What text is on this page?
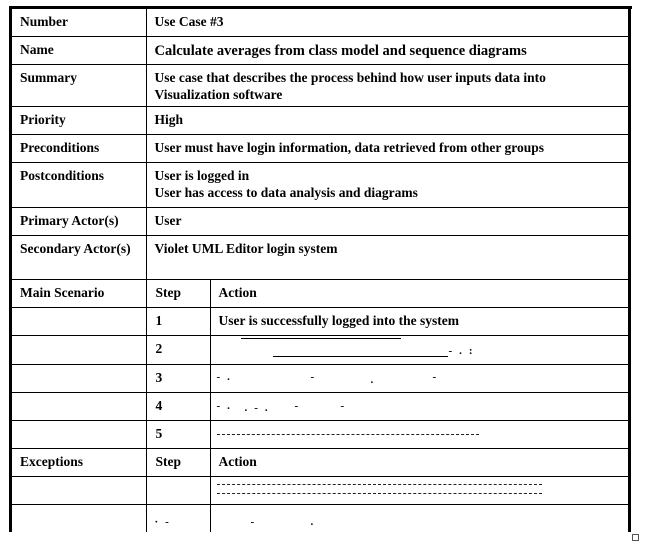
Number	Use Case #3	
Name	Calculate averages from class model and sequence diagrams	
Summary	Use case that describes the process behind how user inputs data into Visualization software	
Priority	High	
Preconditions	User must have login information, data retrieved from other groups	
Postconditions	User is logged in
User has access to data analysis and diagrams	

Primary Actor(s)	User	
Secondary Actor(s)	Violet UML Editor login system	
Main Scenario	Step	Action
	1	User is successfully logged into the system
	2	-.:

	3	-. - . -

	4	-. .-. - -

	5	

Exceptions	Step	Action

	·-	- .
